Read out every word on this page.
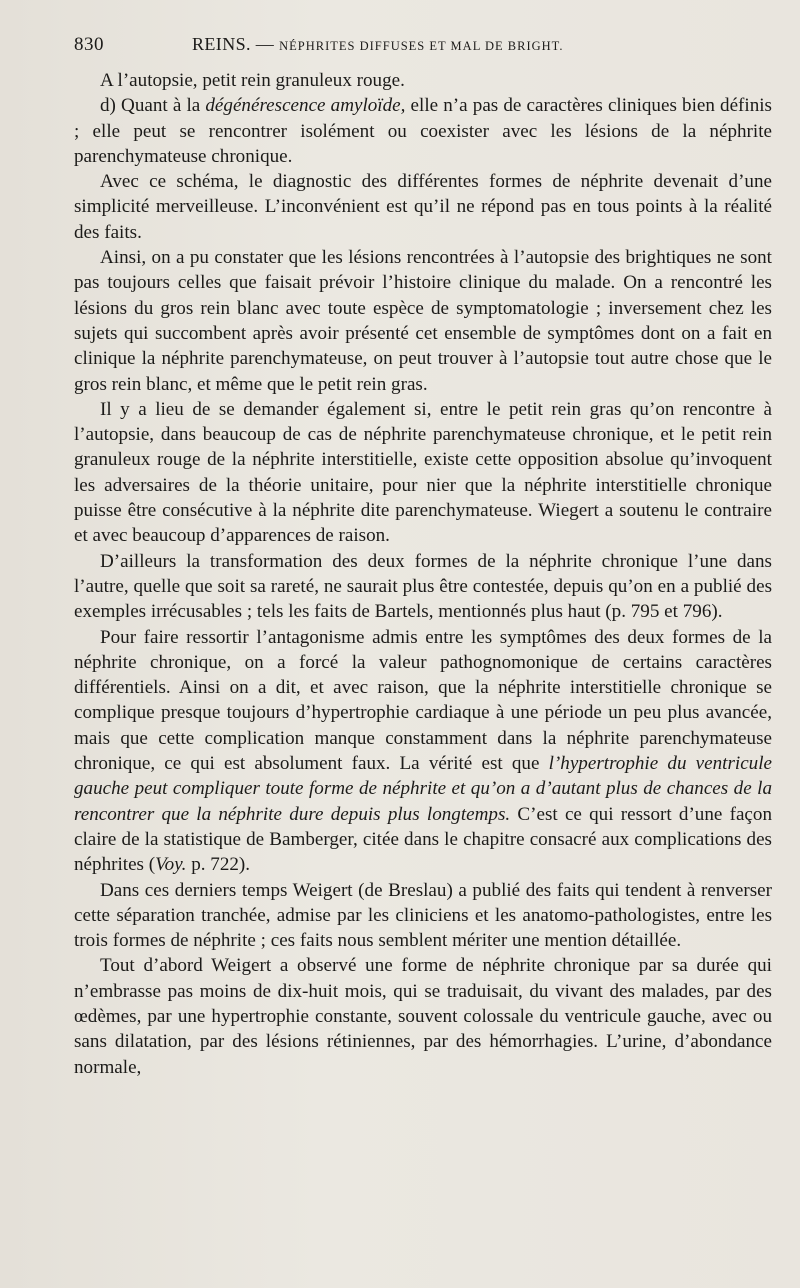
830	REINS. — NÉPHRITES DIFFUSES ET MAL DE BRIGHT.

A l’autopsie, petit rein granuleux rouge.

d) Quant à la dégénérescence amyloïde, elle n’a pas de caractères cliniques bien définis ; elle peut se rencontrer isolément ou coexister avec les lésions de la néphrite parenchymateuse chronique.

Avec ce schéma, le diagnostic des différentes formes de néphrite devenait d’une simplicité merveilleuse. L’inconvénient est qu’il ne répond pas en tous points à la réalité des faits.

Ainsi, on a pu constater que les lésions rencontrées à l’autopsie des brightiques ne sont pas toujours celles que faisait prévoir l’histoire clinique du malade. On a rencontré les lésions du gros rein blanc avec toute espèce de symptomatologie ; inversement chez les sujets qui succombent après avoir présenté cet ensemble de symptômes dont on a fait en clinique la néphrite parenchymateuse, on peut trouver à l’autopsie tout autre chose que le gros rein blanc, et même que le petit rein gras.

Il y a lieu de se demander également si, entre le petit rein gras qu’on rencontre à l’autopsie, dans beaucoup de cas de néphrite parenchymateuse chronique, et le petit rein granuleux rouge de la néphrite interstitielle, existe cette opposition absolue qu’invoquent les adversaires de la théorie unitaire, pour nier que la néphrite interstitielle chronique puisse être consécutive à la néphrite dite parenchymateuse. Wiegert a soutenu le contraire et avec beaucoup d’apparences de raison.

D’ailleurs la transformation des deux formes de la néphrite chronique l’une dans l’autre, quelle que soit sa rareté, ne saurait plus être contestée, depuis qu’on en a publié des exemples irrécusables ; tels les faits de Bartels, mentionnés plus haut (p. 795 et 796).

Pour faire ressortir l’antagonisme admis entre les symptômes des deux formes de la néphrite chronique, on a forcé la valeur pathognomonique de certains caractères différentiels. Ainsi on a dit, et avec raison, que la néphrite interstitielle chronique se complique presque toujours d’hypertrophie cardiaque à une période un peu plus avancée, mais que cette complication manque constamment dans la néphrite parenchymateuse chronique, ce qui est absolument faux. La vérité est que l’hypertrophie du ventricule gauche peut compliquer toute forme de néphrite et qu’on a d’autant plus de chances de la rencontrer que la néphrite dure depuis plus longtemps. C’est ce qui ressort d’une façon claire de la statistique de Bamberger, citée dans le chapitre consacré aux complications des néphrites (Voy. p. 722).

Dans ces derniers temps Weigert (de Breslau) a publié des faits qui tendent à renverser cette séparation tranchée, admise par les cliniciens et les anatomo-pathologistes, entre les trois formes de néphrite ; ces faits nous semblent mériter une mention détaillée.

Tout d’abord Weigert a observé une forme de néphrite chronique par sa durée qui n’embrasse pas moins de dix-huit mois, qui se traduisait, du vivant des malades, par des œdèmes, par une hypertrophie constante, souvent colossale du ventricule gauche, avec ou sans dilatation, par des lésions rétiniennes, par des hémorrhagies. L’urine, d’abondance normale,
